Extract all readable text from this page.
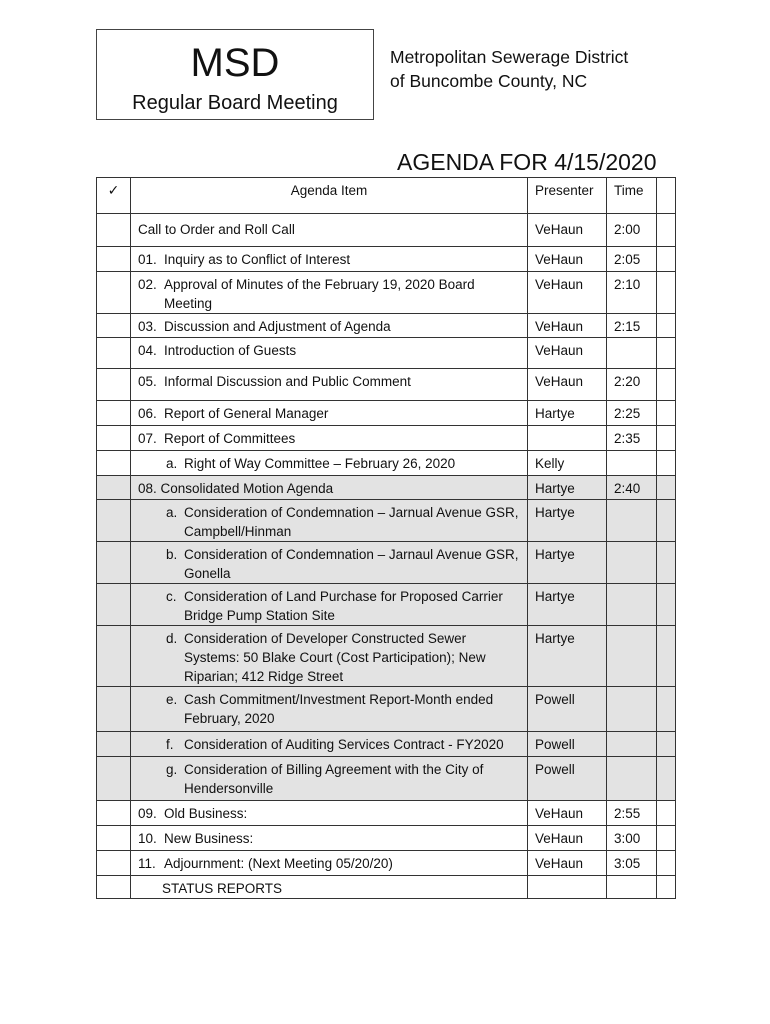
MSD
Regular Board Meeting
Metropolitan Sewerage District
of Buncombe County, NC
AGENDA FOR 4/15/2020
✓	Agenda Item	Presenter	Time	
	Call to Order and Roll Call	VeHaun	2:00	

	01. Inquiry as to Conflict of Interest	VeHaun	2:05	

	02. Approval of Minutes of the February 19, 2020 Board Meeting	VeHaun	2:10	

	03. Discussion and Adjustment of Agenda	VeHaun	2:15	

	04. Introduction of Guests	VeHaun		

	05. Informal Discussion and Public Comment	VeHaun	2:20	

	06. Report of General Manager	Hartye	2:25	

	07. Report of Committees		2:35	

	a. Right of Way Committee – February 26, 2020	Kelly		
	08. Consolidated Motion Agenda	Hartye	2:40	

	a. Consideration of Condemnation – Jarnual Avenue GSR, Campbell/Hinman	Hartye		

	b. Consideration of Condemnation – Jarnaul Avenue GSR, Gonella	Hartye		

	c. Consideration of Land Purchase for Proposed Carrier Bridge Pump Station Site	Hartye		

	d. Consideration of Developer Constructed Sewer Systems: 50 Blake Court (Cost Participation); New Riparian; 412 Ridge Street	Hartye		

	e. Cash Commitment/Investment Report-Month ended February, 2020	Powell		

	f. Consideration of Auditing Services Contract - FY2020	Powell		

	g. Consideration of Billing Agreement with the City of Hendersonville	Powell		

	09. Old Business:	VeHaun	2:55	

	10. New Business:	VeHaun	3:00	

	11. Adjournment: (Next Meeting 05/20/20)	VeHaun	3:05	
	STATUS REPORTS			
